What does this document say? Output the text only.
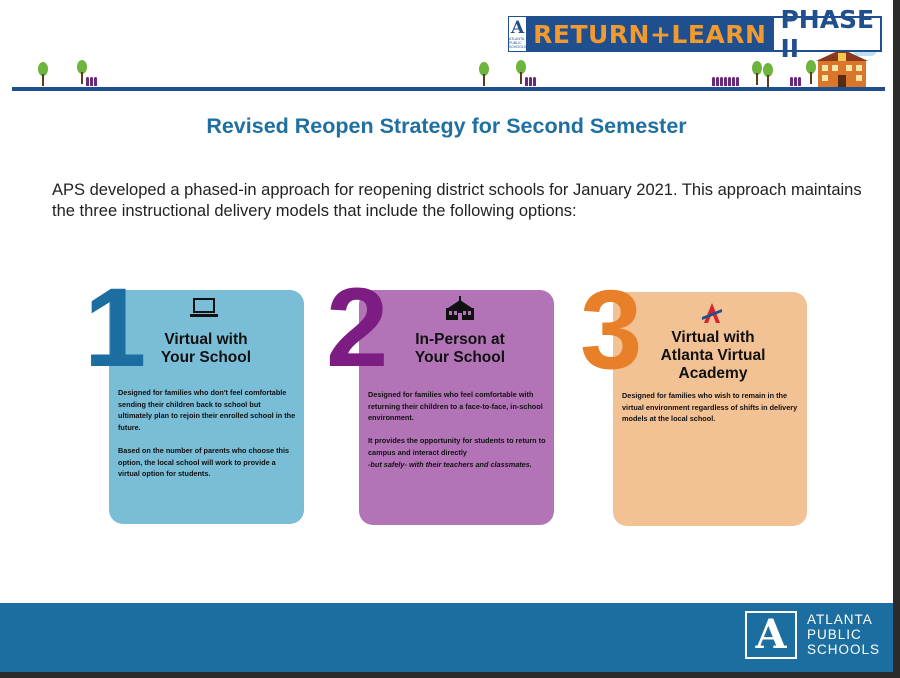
A
ATLANTA PUBLIC SCHOOLS RETURN+LEARN PHASE II
Revised Reopen Strategy for Second Semester
APS developed a phased-in approach for reopening district schools for January 2021. This approach maintains the three instructional delivery models that include the following options:
1	Virtual with
Your School

Designed for families who don't feel comfortable sending their children back to school but ultimately plan to rejoin their enrolled school in the future.

Based on the number of parents who choose this option, the local school will work to provide a virtual option for students.

2	In-Person at
Your School

Designed for families who feel comfortable with returning their children to a face-to-face, in-school environment.

It provides the opportunity for students to return to campus and interact directly

-but safely- with their teachers and classmates.

3	Virtual with
Atlanta Virtual
Academy

Designed for families who wish to remain in the virtual environment regardless of shifts in delivery models at the local school.

A ATLANTA
PUBLIC
SCHOOLS
